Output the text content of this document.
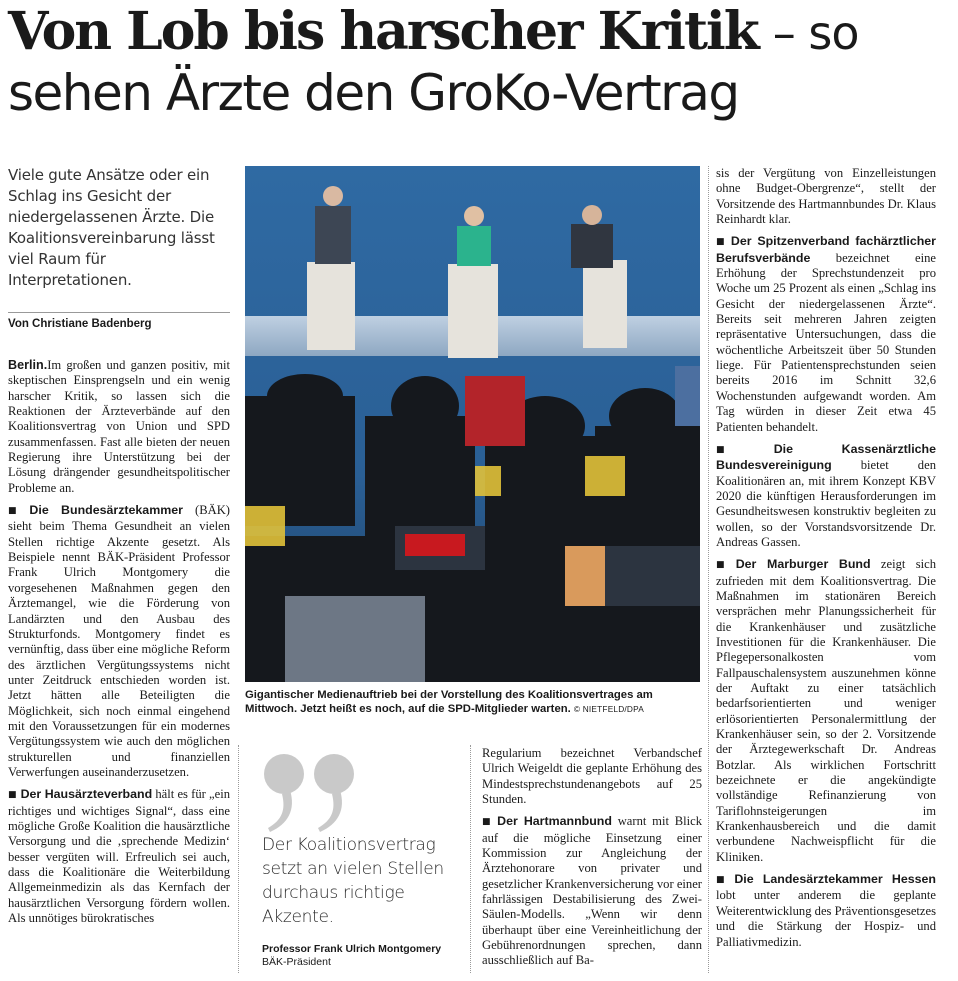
Von Lob bis harscher Kritik – so
sehen Ärzte den GroKo-Vertrag
Viele gute Ansätze oder ein Schlag ins Gesicht der niedergelassenen Ärzte. Die Koalitionsvereinbarung lässt viel Raum für Interpretationen.
Von Christiane Badenberg

Berlin.Im großen und ganzen positiv, mit skeptischen Einsprengseln und ein wenig harscher Kritik, so lassen sich die Reaktionen der Ärzteverbände auf den Koalitionsvertrag von Union und SPD zusammenfassen. Fast alle bieten der neuen Regierung ihre Unterstützung bei der Lösung drängender gesundheitspolitischer Probleme an.

■ Die Bundesärztekammer (BÄK) sieht beim Thema Gesundheit an vielen Stellen richtige Akzente gesetzt. Als Beispiele nennt BÄK-Präsident Professor Frank Ulrich Montgomery die vorgesehenen Maßnahmen gegen den Ärztemangel, wie die Förderung von Landärzten und den Ausbau des Strukturfonds. Montgomery findet es vernünftig, dass über eine mögliche Reform des ärztlichen Vergütungssystems nicht unter Zeitdruck entschieden worden ist. Jetzt hätten alle Beteiligten die Möglichkeit, sich noch einmal eingehend mit den Voraussetzungen für ein modernes Vergütungssystem wie auch den möglichen strukturellen und finanziellen Verwerfungen auseinanderzusetzen.

■ Der Hausärzteverband hält es für „ein richtiges und wichtiges Signal“, dass eine mögliche Große Koalition die hausärztliche Versorgung und die ‚sprechende Medizin‘ besser vergüten will. Erfreulich sei auch, dass die Koalitionäre die Weiterbildung Allgemeinmedizin als das Kernfach der hausärztlichen Versorgung fördern wollen. Als unnötiges bürokratisches

Gigantischer Medienauftrieb bei der Vorstellung des Koalitionsvertrages am Mittwoch. Jetzt heißt es noch, auf die SPD-Mitglieder warten. © NIETFELD/DPA
Der Koalitionsvertrag setzt an vielen Stellen durchaus richtige Akzente.
Professor Frank Ulrich Montgomery
BÄK-Präsident

Regularium bezeichnet Verbandschef Ulrich Weigeldt die geplante Erhöhung des Mindestsprechstundenangebots auf 25 Stunden.

■ Der Hartmannbund warnt mit Blick auf die mögliche Einsetzung einer Kommission zur Angleichung der Ärztehonorare von privater und gesetzlicher Krankenversicherung vor einer fahrlässigen Destabilisierung des Zwei-Säulen-Modells. „Wenn wir denn überhaupt über eine Vereinheitlichung der Gebührenordnungen sprechen, dann ausschließlich auf Ba-

sis der Vergütung von Einzelleistungen ohne Budget-Obergrenze“, stellt der Vorsitzende des Hartmannbundes Dr. Klaus Reinhardt klar.

■ Der Spitzenverband fachärztlicher Berufsverbände bezeichnet eine Erhöhung der Sprechstundenzeit pro Woche um 25 Prozent als einen „Schlag ins Gesicht der niedergelassenen Ärzte“. Bereits seit mehreren Jahren zeigten repräsentative Untersuchungen, dass die wöchentliche Arbeitszeit über 50 Stunden liege. Für Patientensprechstunden seien bereits 2016 im Schnitt 32,6 Wochenstunden aufgewandt worden. Am Tag würden in dieser Zeit etwa 45 Patienten behandelt.

■ Die Kassenärztliche Bundesvereinigung bietet den Koalitionären an, mit ihrem Konzept KBV 2020 die künftigen Herausforderungen im Gesundheitswesen konstruktiv begleiten zu wollen, so der Vorstandsvorsitzende Dr. Andreas Gassen.

■ Der Marburger Bund zeigt sich zufrieden mit dem Koalitionsvertrag. Die Maßnahmen im stationären Bereich versprächen mehr Planungssicherheit für die Krankenhäuser und zusätzliche Investitionen für die Krankenhäuser. Die Pflegepersonalkosten vom Fallpauschalensystem auszunehmen könne der Auftakt zu einer tatsächlich bedarfsorientierten und weniger erlösorientierten Personalermittlung der Krankenhäuser sein, so der 2. Vorsitzende der Ärztegewerkschaft Dr. Andreas Botzlar. Als wirklichen Fortschritt bezeichnete er die angekündigte vollständige Refinanzierung von Tariflohnsteigerungen im Krankenhausbereich und die damit verbundene Nachweispflicht für die Kliniken.

■ Die Landesärztekammer Hessen lobt unter anderem die geplante Weiterentwicklung des Präventionsgesetzes und die Stärkung der Hospiz- und Palliativmedizin.
